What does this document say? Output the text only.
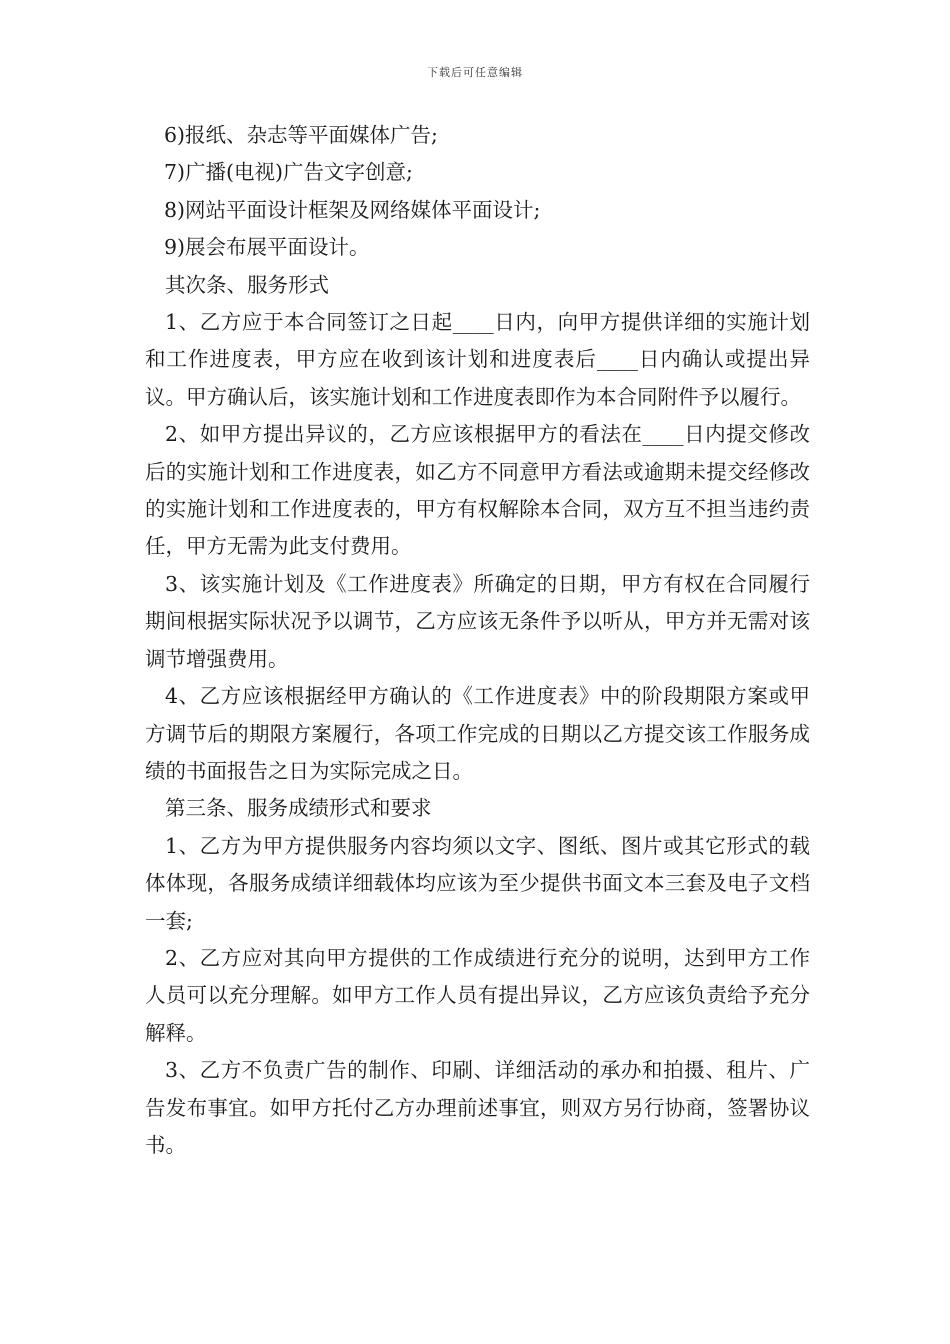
下载后可任意编辑

6)报纸、杂志等平面媒体广告;

7)广播(电视)广告文字创意;

8)网站平面设计框架及网络媒体平面设计;

9)展会布展平面设计。

其次条、服务形式

1、乙方应于本合同签订之日起____日内，向甲方提供详细的实施计划和工作进度表，甲方应在收到该计划和进度表后____日内确认或提出异议。甲方确认后，该实施计划和工作进度表即作为本合同附件予以履行。

2、如甲方提出异议的，乙方应该根据甲方的看法在____日内提交修改后的实施计划和工作进度表，如乙方不同意甲方看法或逾期未提交经修改的实施计划和工作进度表的，甲方有权解除本合同，双方互不担当违约责任，甲方无需为此支付费用。

3、该实施计划及《工作进度表》所确定的日期，甲方有权在合同履行期间根据实际状况予以调节，乙方应该无条件予以听从，甲方并无需对该调节增强费用。

4、乙方应该根据经甲方确认的《工作进度表》中的阶段期限方案或甲方调节后的期限方案履行，各项工作完成的日期以乙方提交该工作服务成绩的书面报告之日为实际完成之日。

第三条、服务成绩形式和要求

1、乙方为甲方提供服务内容均须以文字、图纸、图片或其它形式的载体体现，各服务成绩详细载体均应该为至少提供书面文本三套及电子文档一套;

2、乙方应对其向甲方提供的工作成绩进行充分的说明，达到甲方工作人员可以充分理解。如甲方工作人员有提出异议，乙方应该负责给予充分解释。

3、乙方不负责广告的制作、印刷、详细活动的承办和拍摄、租片、广告发布事宜。如甲方托付乙方办理前述事宜，则双方另行协商，签署协议书。
